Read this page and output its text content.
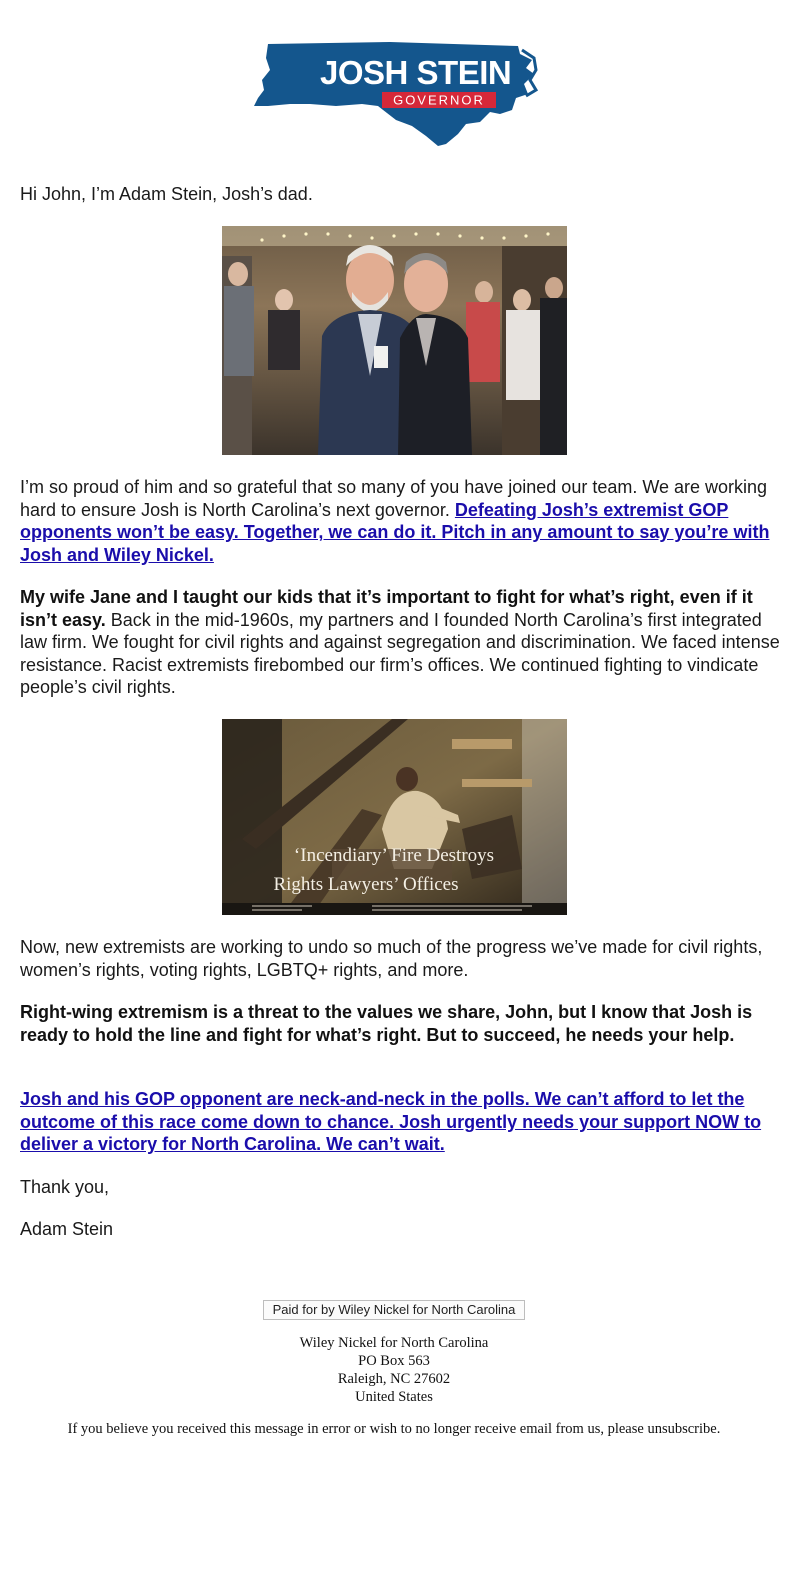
JOSH STEIN
GOVERNOR

Hi John, I’m Adam Stein, Josh’s dad.

I’m so proud of him and so grateful that so many of you have joined our team. We are working hard to ensure Josh is North Carolina’s next governor. Defeating Josh’s extremist GOP opponents won’t be easy. Together, we can do it. Pitch in any amount to say you’re with Josh and Wiley Nickel.

My wife Jane and I taught our kids that it’s important to fight for what’s right, even if it isn’t easy. Back in the mid-1960s, my partners and I founded North Carolina’s first integrated law firm. We fought for civil rights and against segregation and discrimination. We faced intense resistance. Racist extremists firebombed our firm’s offices. We continued fighting to vindicate people’s civil rights.

‘Incendiary’ Fire Destroys
Rights Lawyers’ Offices

Now, new extremists are working to undo so much of the progress we’ve made for civil rights, women’s rights, voting rights, LGBTQ+ rights, and more.

Right-wing extremism is a threat to the values we share, John, but I know that Josh is ready to hold the line and fight for what’s right. But to succeed, he needs your help.

Josh and his GOP opponent are neck-and-neck in the polls. We can’t afford to let the outcome of this race come down to chance. Josh urgently needs your support NOW to deliver a victory for North Carolina. We can’t wait.

Thank you,

Adam Stein

Paid for by Wiley Nickel for North Carolina
Wiley Nickel for North Carolina
PO Box 563
Raleigh, NC 27602
United States
If you believe you received this message in error or wish to no longer receive email from us, please unsubscribe.
